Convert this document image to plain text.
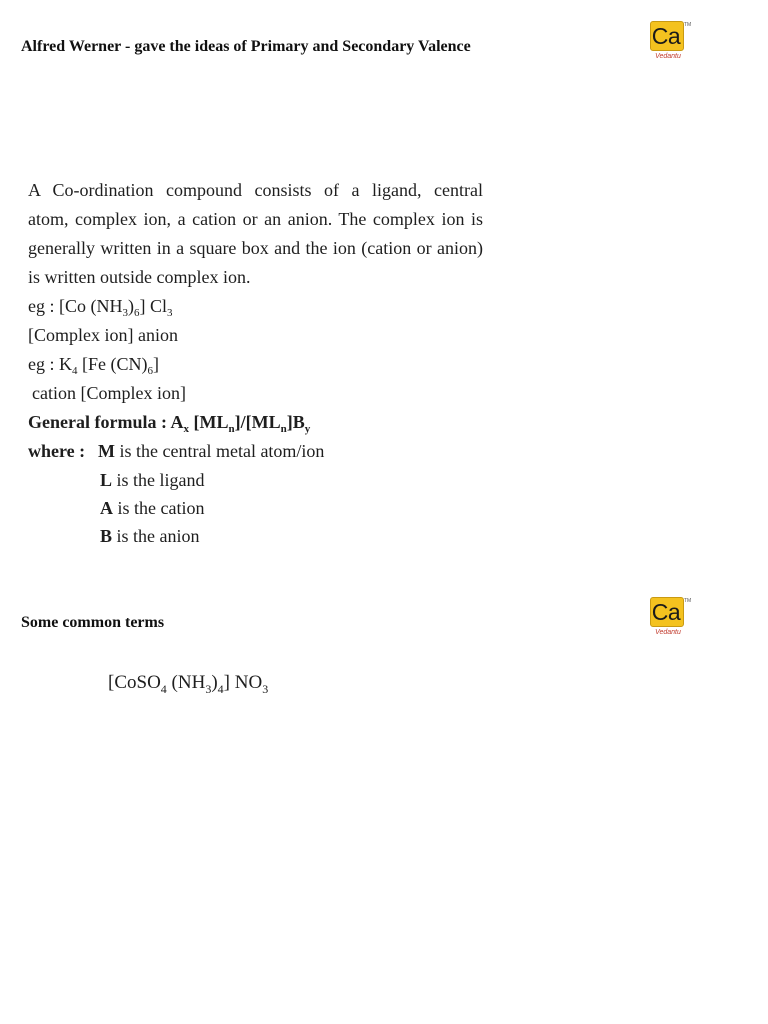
Alfred Werner - gave the ideas of Primary and Secondary Valence	Ca TM
Vedantu
A Co-ordination compound consists of a ligand, central
atom, complex ion, a cation or an anion. The complex ion is
generally written in a square box and the ion (cation or anion)
is written outside complex ion.
eg : [Co $(NH_3)_6$] $Cl_3$
[Complex ion] anion
eg : $K_4$ [Fe $(CN)_6$]
cation [Complex ion]
General formula : $A_x$ $[ML_n]/[ML_n]B_y$
where : M is the central metal atom/ion
L is the ligand
A is the cation
B is the anion
Some common terms	Ca TM
Vedantu
[CoSO$_4$ $(NH_3)_4$] $NO_3$
